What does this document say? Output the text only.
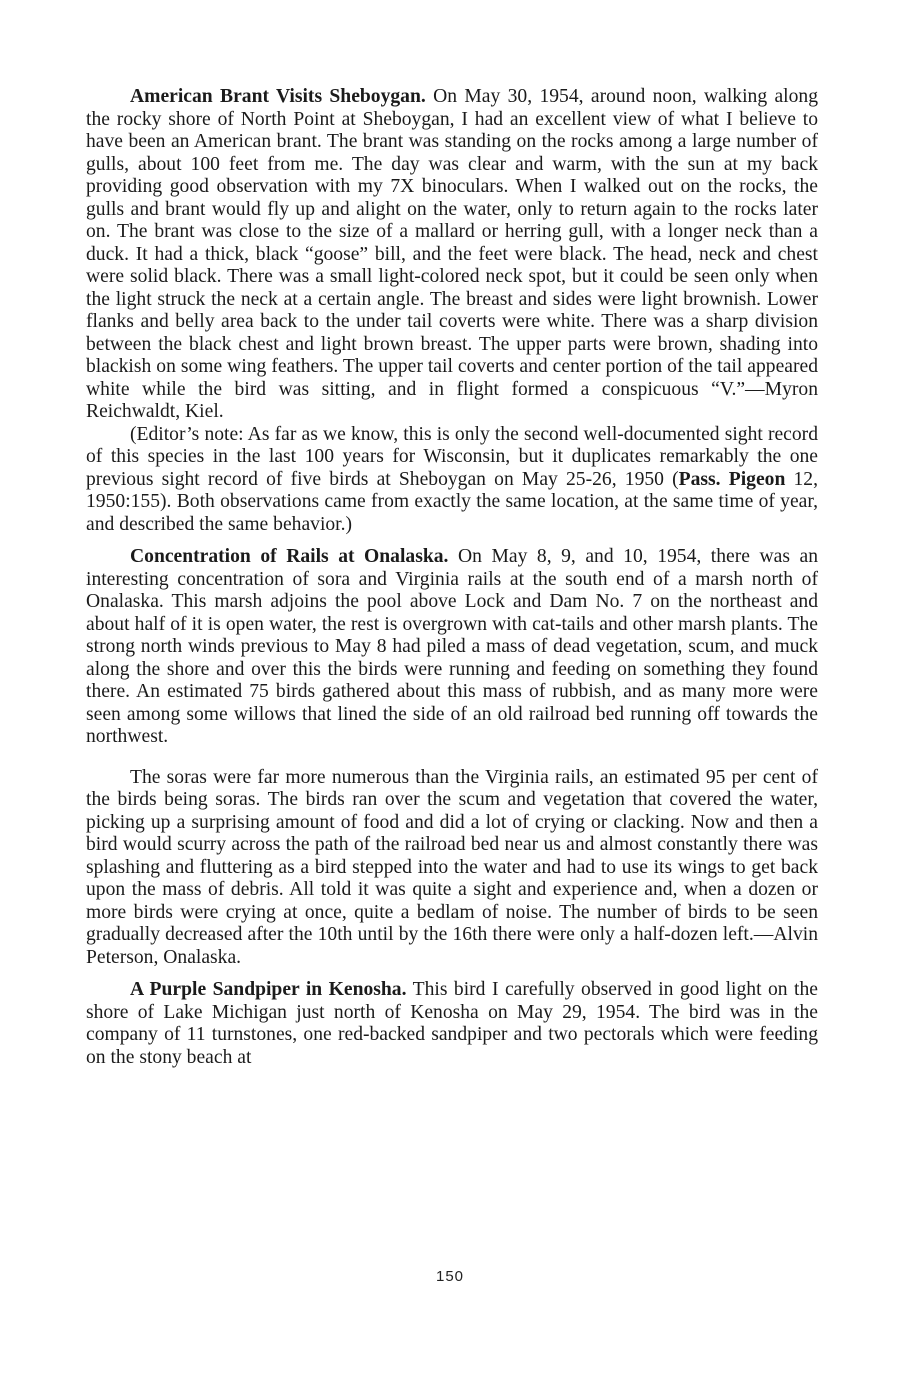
American Brant Visits Sheboygan. On May 30, 1954, around noon, walking along the rocky shore of North Point at Sheboygan, I had an excellent view of what I believe to have been an American brant. The brant was standing on the rocks among a large number of gulls, about 100 feet from me. The day was clear and warm, with the sun at my back providing good observation with my 7X binoculars. When I walked out on the rocks, the gulls and brant would fly up and alight on the water, only to return again to the rocks later on. The brant was close to the size of a mallard or herring gull, with a longer neck than a duck. It had a thick, black “goose” bill, and the feet were black. The head, neck and chest were solid black. There was a small light-colored neck spot, but it could be seen only when the light struck the neck at a certain angle. The breast and sides were light brownish. Lower flanks and belly area back to the under tail coverts were white. There was a sharp division between the black chest and light brown breast. The upper parts were brown, shading into blackish on some wing feathers. The upper tail coverts and center portion of the tail appeared white while the bird was sitting, and in flight formed a conspicuous “V.”—Myron Reichwaldt, Kiel.

(Editor’s note: As far as we know, this is only the second well-documented sight record of this species in the last 100 years for Wisconsin, but it duplicates remarkably the one previous sight record of five birds at Sheboygan on May 25-26, 1950 (Pass. Pigeon 12, 1950:155). Both observations came from exactly the same location, at the same time of year, and described the same behavior.)

Concentration of Rails at Onalaska. On May 8, 9, and 10, 1954, there was an interesting concentration of sora and Virginia rails at the south end of a marsh north of Onalaska. This marsh adjoins the pool above Lock and Dam No. 7 on the northeast and about half of it is open water, the rest is overgrown with cat-tails and other marsh plants. The strong north winds previous to May 8 had piled a mass of dead vegetation, scum, and muck along the shore and over this the birds were running and feeding on something they found there. An estimated 75 birds gathered about this mass of rubbish, and as many more were seen among some willows that lined the side of an old railroad bed running off towards the northwest.

The soras were far more numerous than the Virginia rails, an estimated 95 per cent of the birds being soras. The birds ran over the scum and vegetation that covered the water, picking up a surprising amount of food and did a lot of crying or clacking. Now and then a bird would scurry across the path of the railroad bed near us and almost constantly there was splashing and fluttering as a bird stepped into the water and had to use its wings to get back upon the mass of debris. All told it was quite a sight and experience and, when a dozen or more birds were crying at once, quite a bedlam of noise. The number of birds to be seen gradually decreased after the 10th until by the 16th there were only a half-dozen left.—Alvin Peterson, Onalaska.

A Purple Sandpiper in Kenosha. This bird I carefully observed in good light on the shore of Lake Michigan just north of Kenosha on May 29, 1954. The bird was in the company of 11 turnstones, one red-backed sandpiper and two pectorals which were feeding on the stony beach at

150
